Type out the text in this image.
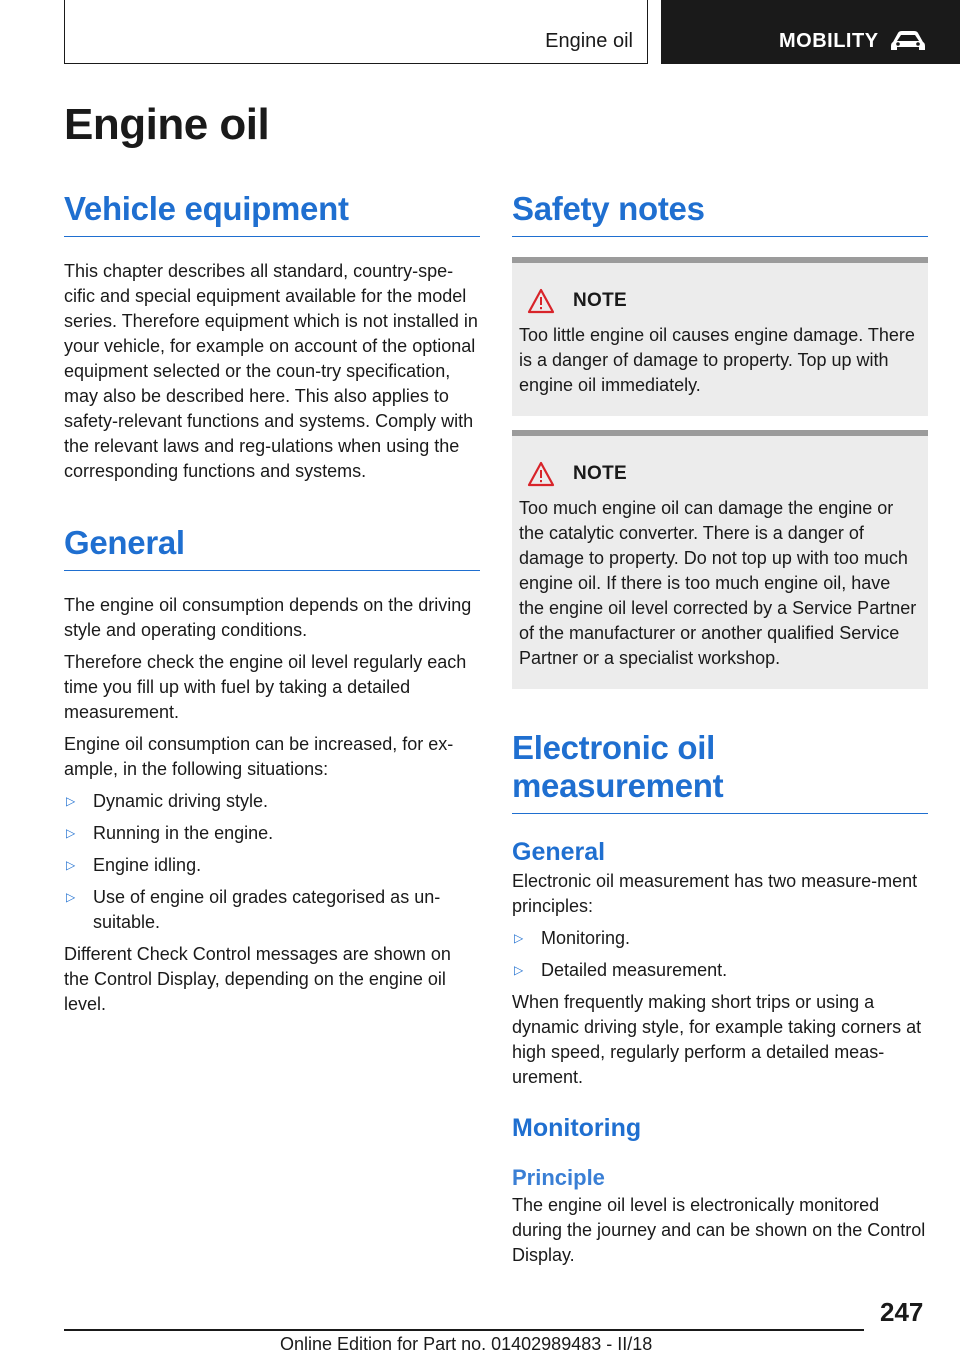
Engine oil	MOBILITY
Engine oil
Vehicle equipment

This chapter describes all standard, country-spe-cific and special equipment available for the model series. Therefore equipment which is not installed in your vehicle, for example on account of the optional equipment selected or the coun-try specification, may also be described here. This also applies to safety-relevant functions and systems. Comply with the relevant laws and reg-ulations when using the corresponding functions and systems.

General

The engine oil consumption depends on the driving style and operating conditions.

Therefore check the engine oil level regularly each time you fill up with fuel by taking a detailed measurement.

Engine oil consumption can be increased, for ex-ample, in the following situations:

▷ Dynamic driving style.
▷ Running in the engine.
▷ Engine idling.
▷ Use of engine oil grades categorised as un-suitable.

Different Check Control messages are shown on the Control Display, depending on the engine oil level.

Safety notes
NOTE

Too little engine oil causes engine damage. There is a danger of damage to property. Top up with engine oil immediately.

NOTE

Too much engine oil can damage the engine or the catalytic converter. There is a danger of damage to property. Do not top up with too much engine oil. If there is too much engine oil, have the engine oil level corrected by a Service Partner of the manufacturer or another qualified Service Partner or a specialist workshop.

Electronic oil measurement
General

Electronic oil measurement has two measure-ment principles:

▷ Monitoring.
▷ Detailed measurement.

When frequently making short trips or using a dynamic driving style, for example taking corners at high speed, regularly perform a detailed meas-urement.

Monitoring
Principle

The engine oil level is electronically monitored during the journey and can be shown on the Control Display.

247
Online Edition for Part no. 01402989483 - II/18
